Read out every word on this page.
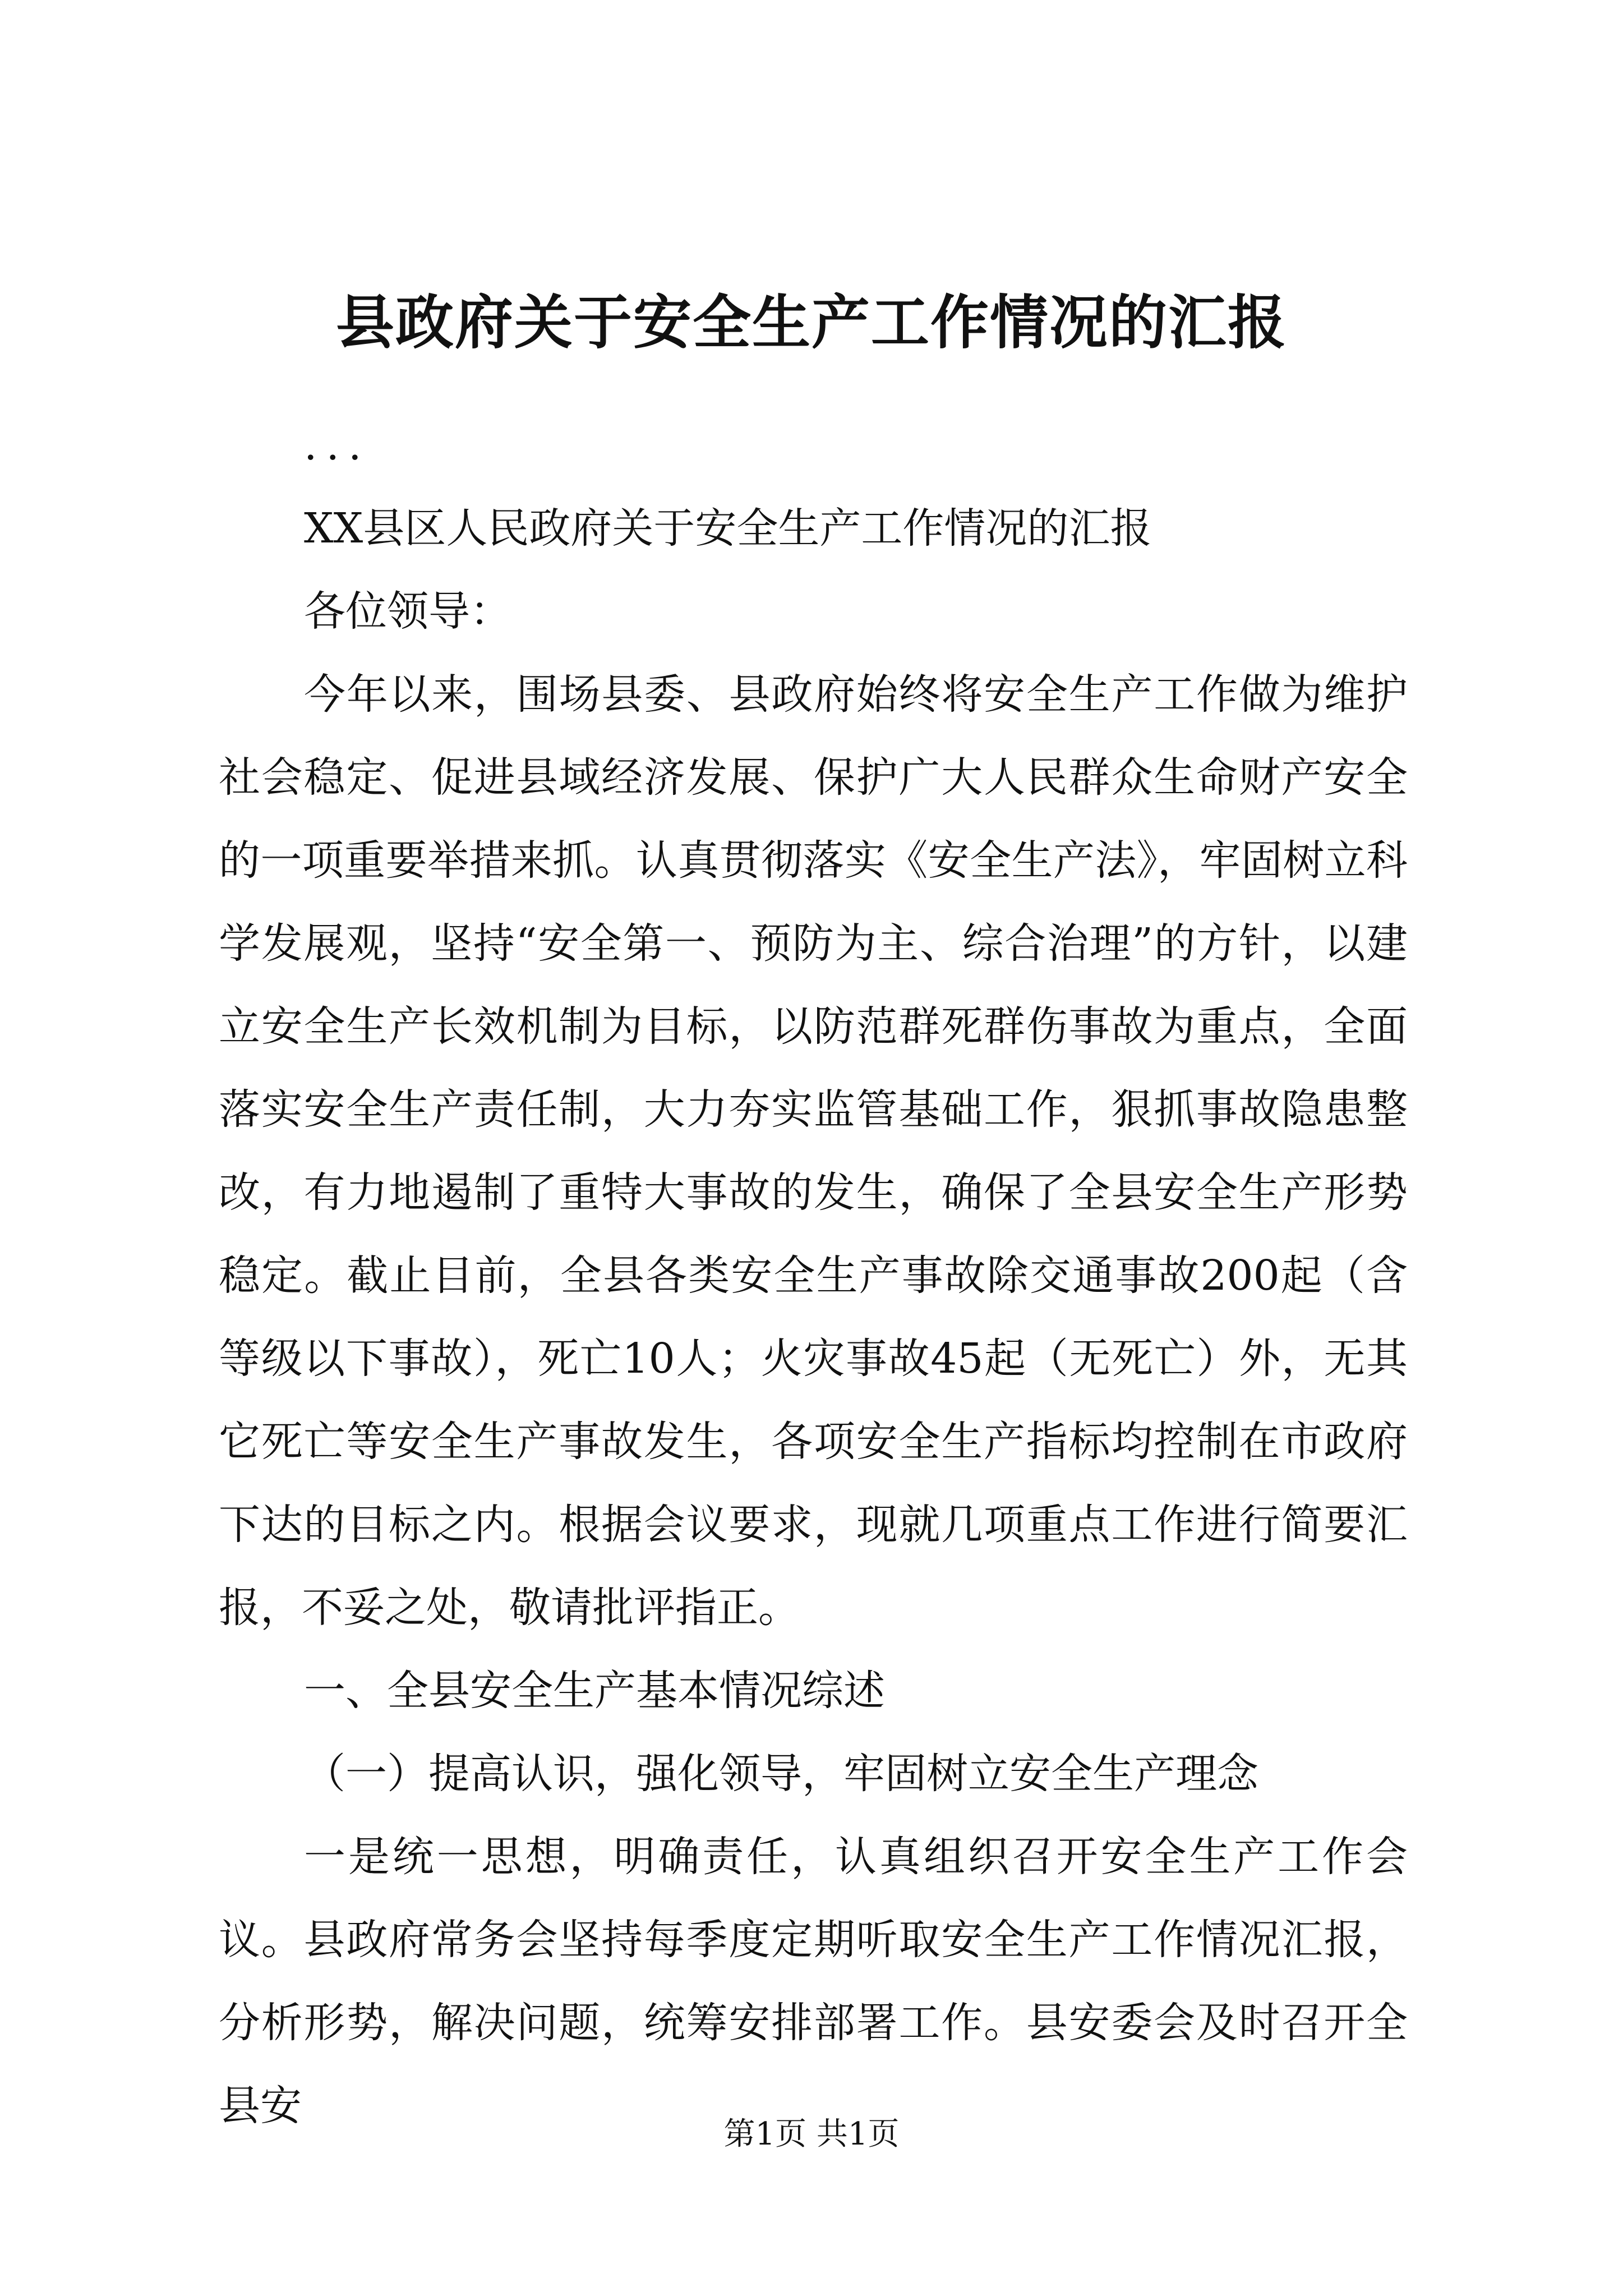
县政府关于安全生产工作情况的汇报

...

XX县区人民政府关于安全生产工作情况的汇报

各位领导：

今年以来，围场县委、县政府始终将安全生产工作做为维护社会稳定、促进县域经济发展、保护广大人民群众生命财产安全的一项重要举措来抓。认真贯彻落实《安全生产法》，牢固树立科学发展观，坚持“安全第一、预防为主、综合治理”的方针，以建立安全生产长效机制为目标，以防范群死群伤事故为重点，全面落实安全生产责任制，大力夯实监管基础工作，狠抓事故隐患整改，有力地遏制了重特大事故的发生，确保了全县安全生产形势稳定。截止目前，全县各类安全生产事故除交通事故200起（含等级以下事故），死亡10人；火灾事故45起（无死亡）外，无其它死亡等安全生产事故发生，各项安全生产指标均控制在市政府下达的目标之内。根据会议要求，现就几项重点工作进行简要汇报，不妥之处，敬请批评指正。

一、全县安全生产基本情况综述

（一）提高认识，强化领导，牢固树立安全生产理念

一是统一思想，明确责任，认真组织召开安全生产工作会议。县政府常务会坚持每季度定期听取安全生产工作情况汇报，分析形势，解决问题，统筹安排部署工作。县安委会及时召开全县安

第1页 共1页
